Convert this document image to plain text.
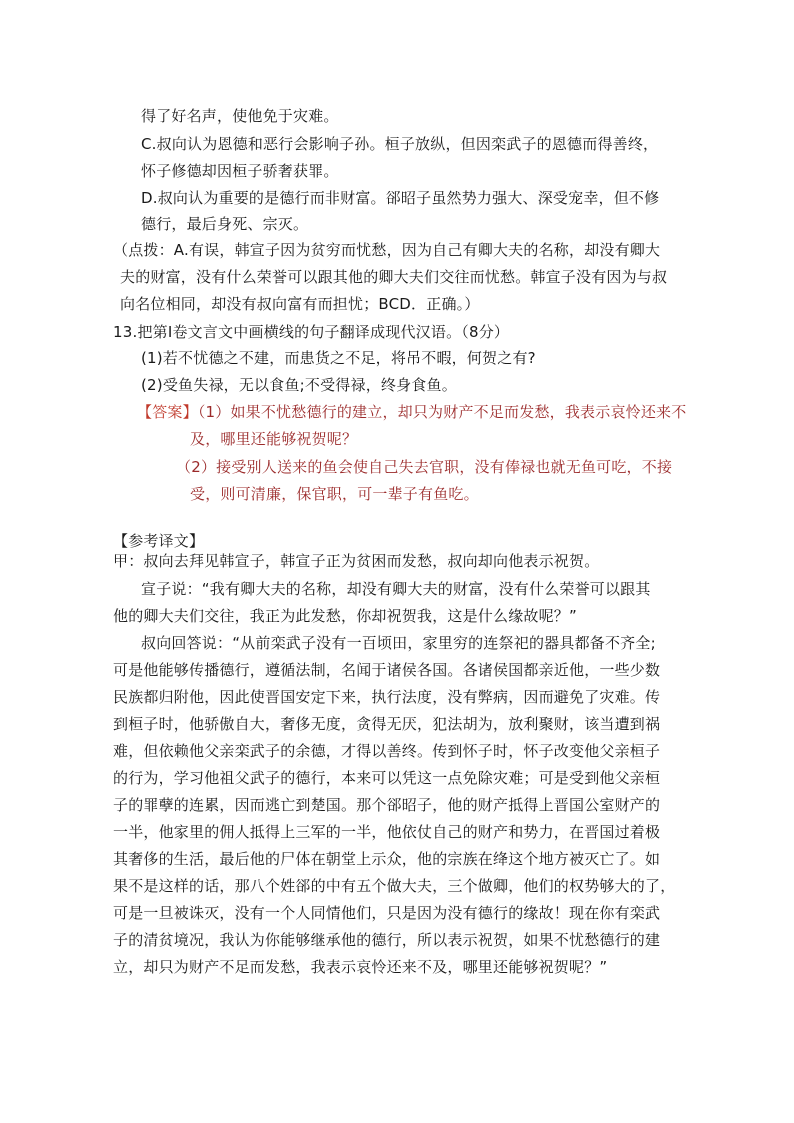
得了好名声，使他免于灾难。
C.叔向认为恩德和恶行会影响子孙。桓子放纵，但因栾武子的恩德而得善终，
怀子修德却因桓子骄奢获罪。
D.叔向认为重要的是德行而非财富。郤昭子虽然势力强大、深受宠幸，但不修
德行，最后身死、宗灭。
（点拨：A.有误，韩宣子因为贫穷而忧愁，因为自己有卿大夫的名称，却没有卿大
夫的财富，没有什么荣誉可以跟其他的卿大夫们交往而忧愁。韩宣子没有因为与叔
向名位相同，却没有叔向富有而担忧；BCD．正确。）
13.把第Ⅰ卷文言文中画横线的句子翻译成现代汉语。（8分）
(1)若不忧德之不建，而患货之不足，将吊不暇，何贺之有?
(2)受鱼失禄，无以食鱼;不受得禄，终身食鱼。
【答案】（1）如果不忧愁德行的建立，却只为财产不足而发愁，我表示哀怜还来不
及，哪里还能够祝贺呢？
（2）接受别人送来的鱼会使自己失去官职，没有俸禄也就无鱼可吃，不接
受，则可清廉，保官职，可一辈子有鱼吃。
【参考译文】
甲：叔向去拜见韩宣子，韩宣子正为贫困而发愁，叔向却向他表示祝贺。
宣子说：“我有卿大夫的名称，却没有卿大夫的财富，没有什么荣誉可以跟其
他的卿大夫们交往，我正为此发愁，你却祝贺我，这是什么缘故呢？”
叔向回答说：“从前栾武子没有一百顷田，家里穷的连祭祀的器具都备不齐全;
可是他能够传播德行，遵循法制，名闻于诸侯各国。各诸侯国都亲近他，一些少数
民族都归附他，因此使晋国安定下来，执行法度，没有弊病，因而避免了灾难。传
到桓子时，他骄傲自大，奢侈无度，贪得无厌，犯法胡为，放利聚财，该当遭到祸
难，但依赖他父亲栾武子的余德，才得以善终。传到怀子时，怀子改变他父亲桓子
的行为，学习他祖父武子的德行，本来可以凭这一点免除灾难；可是受到他父亲桓
子的罪孽的连累，因而逃亡到楚国。那个郤昭子，他的财产抵得上晋国公室财产的
一半，他家里的佣人抵得上三军的一半，他依仗自己的财产和势力，在晋国过着极
其奢侈的生活，最后他的尸体在朝堂上示众，他的宗族在绛这个地方被灭亡了。如
果不是这样的话，那八个姓郤的中有五个做大夫，三个做卿，他们的权势够大的了，
可是一旦被诛灭，没有一个人同情他们，只是因为没有德行的缘故！现在你有栾武
子的清贫境况，我认为你能够继承他的德行，所以表示祝贺，如果不忧愁德行的建
立，却只为财产不足而发愁，我表示哀怜还来不及，哪里还能够祝贺呢？”
